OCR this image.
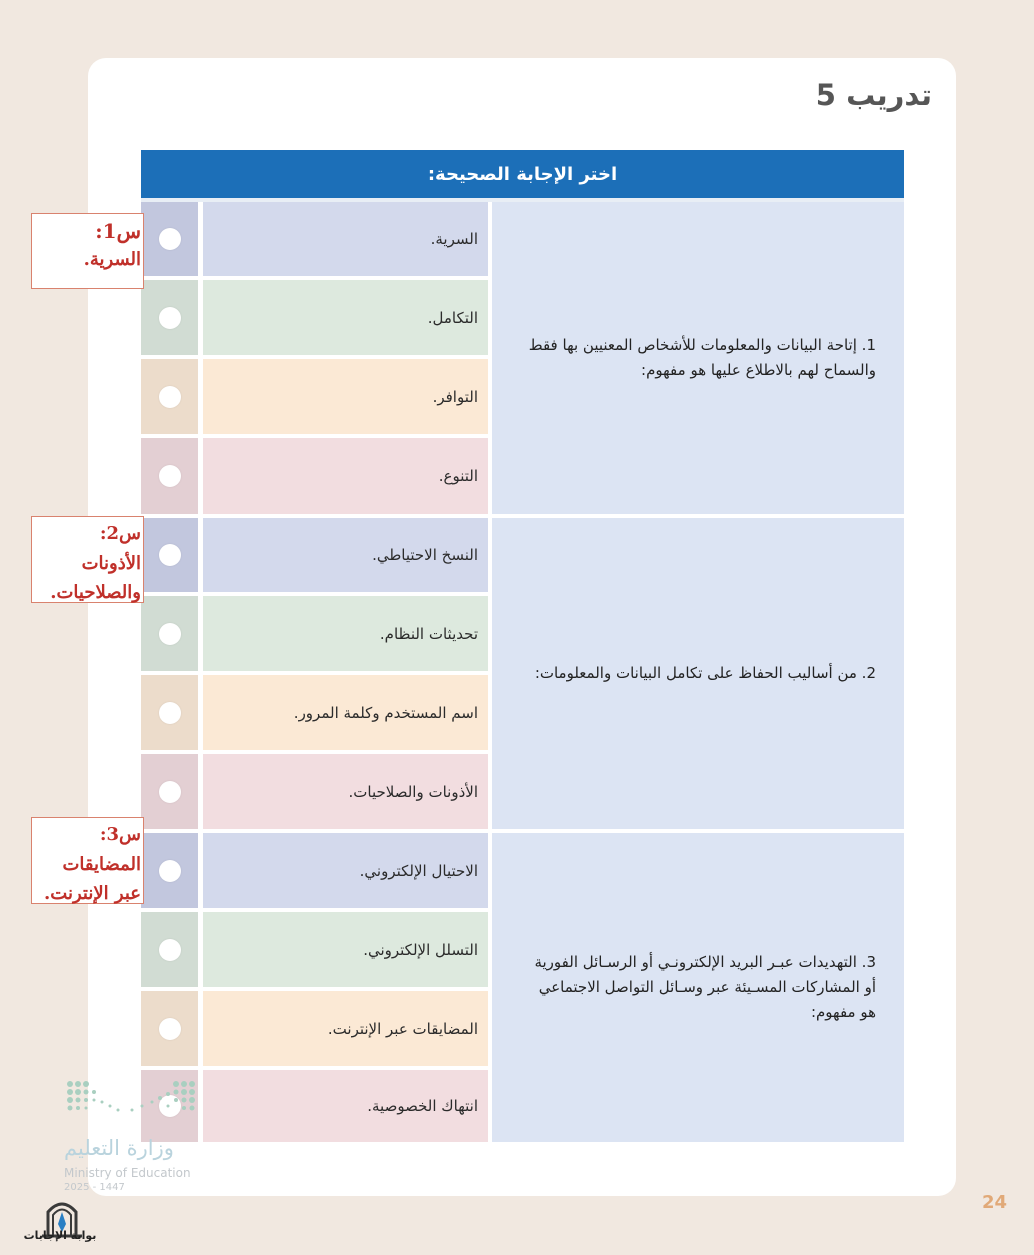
تدريب 5
اختر الإجابة الصحيحة:
1. إتاحة البيانات والمعلومات للأشخاص المعنيين بها فقط والسماح لهم بالاطلاع عليها هو مفهوم:
السرية.
التكامل.
التوافر.
التنوع.
2. من أساليب الحفاظ على تكامل البيانات والمعلومات:
النسخ الاحتياطي.
تحديثات النظام.
اسم المستخدم وكلمة المرور.
الأذونات والصلاحيات.
3. التهديدات عبـر البريد الإلكترونـي أو الرسـائل الفورية أو المشاركات المسـيئة عبر وسـائل التواصل الاجتماعي هو مفهوم:
الاحتيال الإلكتروني.
التسلل الإلكتروني.
المضايقات عبر الإنترنت.
انتهاك الخصوصية.
س1:
السرية.
س2: الأذونات
والصلاحيات.
س3: المضايقات
عبر الإنترنت.
وزارة التعليم
Ministry of Education
2025 - 1447
بوابة الإجابات
24
